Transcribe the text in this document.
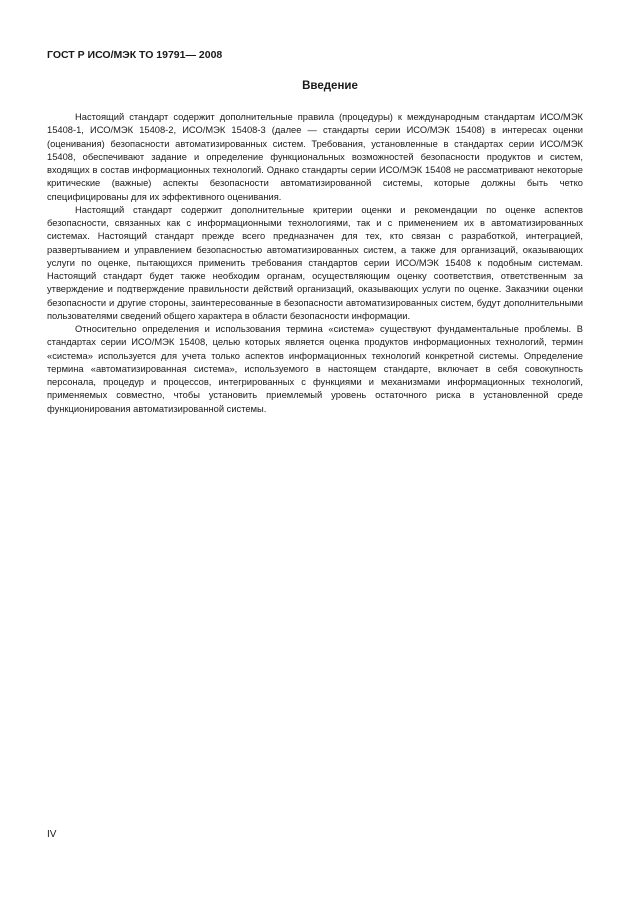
ГОСТ Р ИСО/МЭК ТО 19791— 2008
Введение

Настоящий стандарт содержит дополнительные правила (процедуры) к международным стандартам ИСО/МЭК 15408-1, ИСО/МЭК 15408-2, ИСО/МЭК 15408-3 (далее — стандарты серии ИСО/МЭК 15408) в интересах оценки (оценивания) безопасности автоматизированных систем. Требования, установленные в стандартах серии ИСО/МЭК 15408, обеспечивают задание и определение функциональных возможностей безопасности продуктов и систем, входящих в состав информационных технологий. Однако стандарты серии ИСО/МЭК 15408 не рассматривают некоторые критические (важные) аспекты безопасности автоматизированной системы, которые должны быть четко специфицированы для их эффективного оценивания.

Настоящий стандарт содержит дополнительные критерии оценки и рекомендации по оценке аспектов безопасности, связанных как с информационными технологиями, так и с применением их в автоматизированных системах. Настоящий стандарт прежде всего предназначен для тех, кто связан с разработкой, интеграцией, развертыванием и управлением безопасностью автоматизированных систем, а также для организаций, оказывающих услуги по оценке, пытающихся применить требования стандартов серии ИСО/МЭК 15408 к подобным системам. Настоящий стандарт будет также необходим органам, осуществляющим оценку соответствия, ответственным за утверждение и подтверждение правильности действий организаций, оказывающих услуги по оценке. Заказчики оценки безопасности и другие стороны, заинтересованные в безопасности автоматизированных систем, будут дополнительными пользователями сведений общего характера в области безопасности информации.

Относительно определения и использования термина «система» существуют фундаментальные проблемы. В стандартах серии ИСО/МЭК 15408, целью которых является оценка продуктов информационных технологий, термин «система» используется для учета только аспектов информационных технологий конкретной системы. Определение термина «автоматизированная система», используемого в настоящем стандарте, включает в себя совокупность персонала, процедур и процессов, интегрированных с функциями и механизмами информационных технологий, применяемых совместно, чтобы установить приемлемый уровень остаточного риска в установленной среде функционирования автоматизированной системы.

IV
